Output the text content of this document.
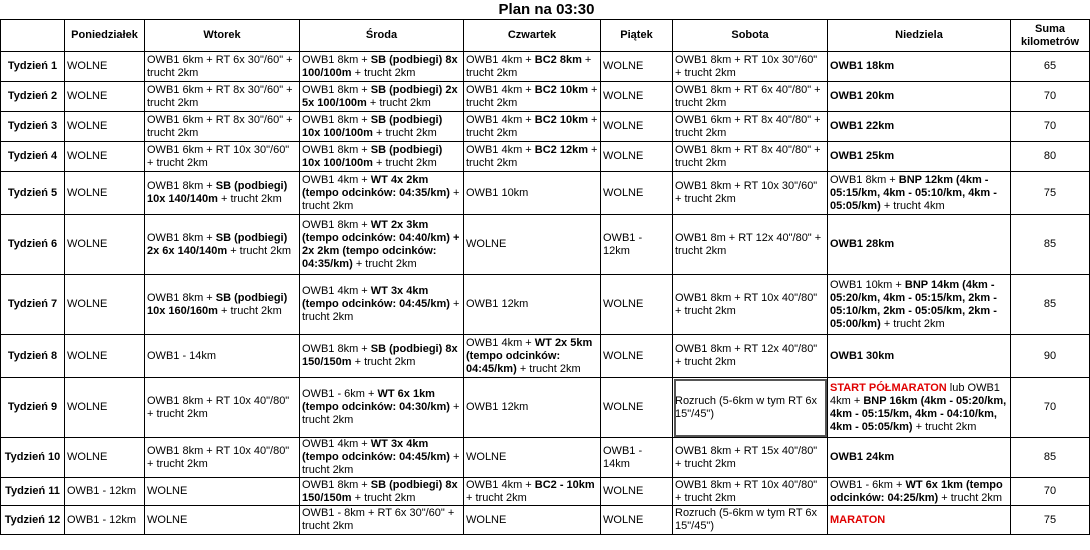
Plan na 03:30
	Poniedziałek	Wtorek	Środa	Czwartek	Piątek	Sobota	Niedziela	Suma kilometrów
Tydzień 1	WOLNE	OWB1 6km + RT 6x 30"/60" + trucht 2km	OWB1 8km + SB (podbiegi) 8x 100/100m + trucht 2km	OWB1 4km + BC2 8km + trucht 2km	WOLNE	OWB1 8km + RT 10x 30"/60" + trucht 2km	OWB1 18km	65
Tydzień 2	WOLNE	OWB1 6km + RT 8x 30"/60" + trucht 2km	OWB1 8km + SB (podbiegi) 2x 5x 100/100m + trucht 2km	OWB1 4km + BC2 10km + trucht 2km	WOLNE	OWB1 8km + RT 6x 40"/80" + trucht 2km	OWB1 20km	70
Tydzień 3	WOLNE	OWB1 6km + RT 8x 30"/60" + trucht 2km	OWB1 8km + SB (podbiegi) 10x 100/100m + trucht 2km	OWB1 4km + BC2 10km + trucht 2km	WOLNE	OWB1 6km + RT 8x 40"/80" + trucht 2km	OWB1 22km	70
Tydzień 4	WOLNE	OWB1 6km + RT 10x 30"/60" + trucht 2km	OWB1 8km + SB (podbiegi) 10x 100/100m + trucht 2km	OWB1 4km + BC2 12km + trucht 2km	WOLNE	OWB1 8km + RT 8x 40"/80" + trucht 2km	OWB1 25km	80
Tydzień 5	WOLNE	OWB1 8km + SB (podbiegi) 10x 140/140m + trucht 2km	OWB1 4km + WT 4x 2km (tempo odcinków: 04:35/km) + trucht 2km	OWB1 10km	WOLNE	OWB1 8km + RT 10x 30"/60" + trucht 2km	OWB1 8km + BNP 12km (4km - 05:15/km, 4km - 05:10/km, 4km - 05:05/km) + trucht 4km	75
Tydzień 6	WOLNE	OWB1 8km + SB (podbiegi) 2x 6x 140/140m + trucht 2km	OWB1 8km + WT 2x 3km (tempo odcinków: 04:40/km) + 2x 2km (tempo odcinków: 04:35/km) + trucht 2km	WOLNE	OWB1 - 12km	OWB1 8m + RT 12x 40"/80" + trucht 2km	OWB1 28km	85
Tydzień 7	WOLNE	OWB1 8km + SB (podbiegi) 10x 160/160m + trucht 2km	OWB1 4km + WT 3x 4km (tempo odcinków: 04:45/km) + trucht 2km	OWB1 12km	WOLNE	OWB1 8km + RT 10x 40"/80" + trucht 2km	OWB1 10km + BNP 14km (4km - 05:20/km, 4km - 05:15/km, 2km - 05:10/km, 2km - 05:05/km, 2km - 05:00/km) + trucht 2km	85
Tydzień 8	WOLNE	OWB1 - 14km	OWB1 8km + SB (podbiegi) 8x 150/150m + trucht 2km	OWB1 4km + WT 2x 5km (tempo odcinków: 04:45/km) + trucht 2km	WOLNE	OWB1 8km + RT 12x 40"/80" + trucht 2km	OWB1 30km	90
Tydzień 9	WOLNE	OWB1 8km + RT 10x 40"/80" + trucht 2km	OWB1 - 6km + WT 6x 1km (tempo odcinków: 04:30/km) + trucht 2km	OWB1 12km	WOLNE	Rozruch (5-6km w tym RT 6x 15"/45")	START PÓŁMARATON lub OWB1 4km + BNP 16km (4km - 05:20/km, 4km - 05:15/km, 4km - 04:10/km, 4km - 05:05/km) + trucht 2km	70
Tydzień 10	WOLNE	OWB1 8km + RT 10x 40"/80" + trucht 2km	OWB1 4km + WT 3x 4km (tempo odcinków: 04:45/km) + trucht 2km	WOLNE	OWB1 - 14km	OWB1 8km + RT 15x 40"/80" + trucht 2km	OWB1 24km	85
Tydzień 11	OWB1 - 12km	WOLNE	OWB1 8km + SB (podbiegi) 8x 150/150m + trucht 2km	OWB1 4km + BC2 - 10km + trucht 2km	WOLNE	OWB1 8km + RT 10x 40"/80" + trucht 2km	OWB1 - 6km + WT 6x 1km (tempo odcinków: 04:25/km) + trucht 2km	70
Tydzień 12	OWB1 - 12km	WOLNE	OWB1 - 8km + RT 6x 30"/60" + trucht 2km	WOLNE	WOLNE	Rozruch (5-6km w tym RT 6x 15"/45")	MARATON	75
